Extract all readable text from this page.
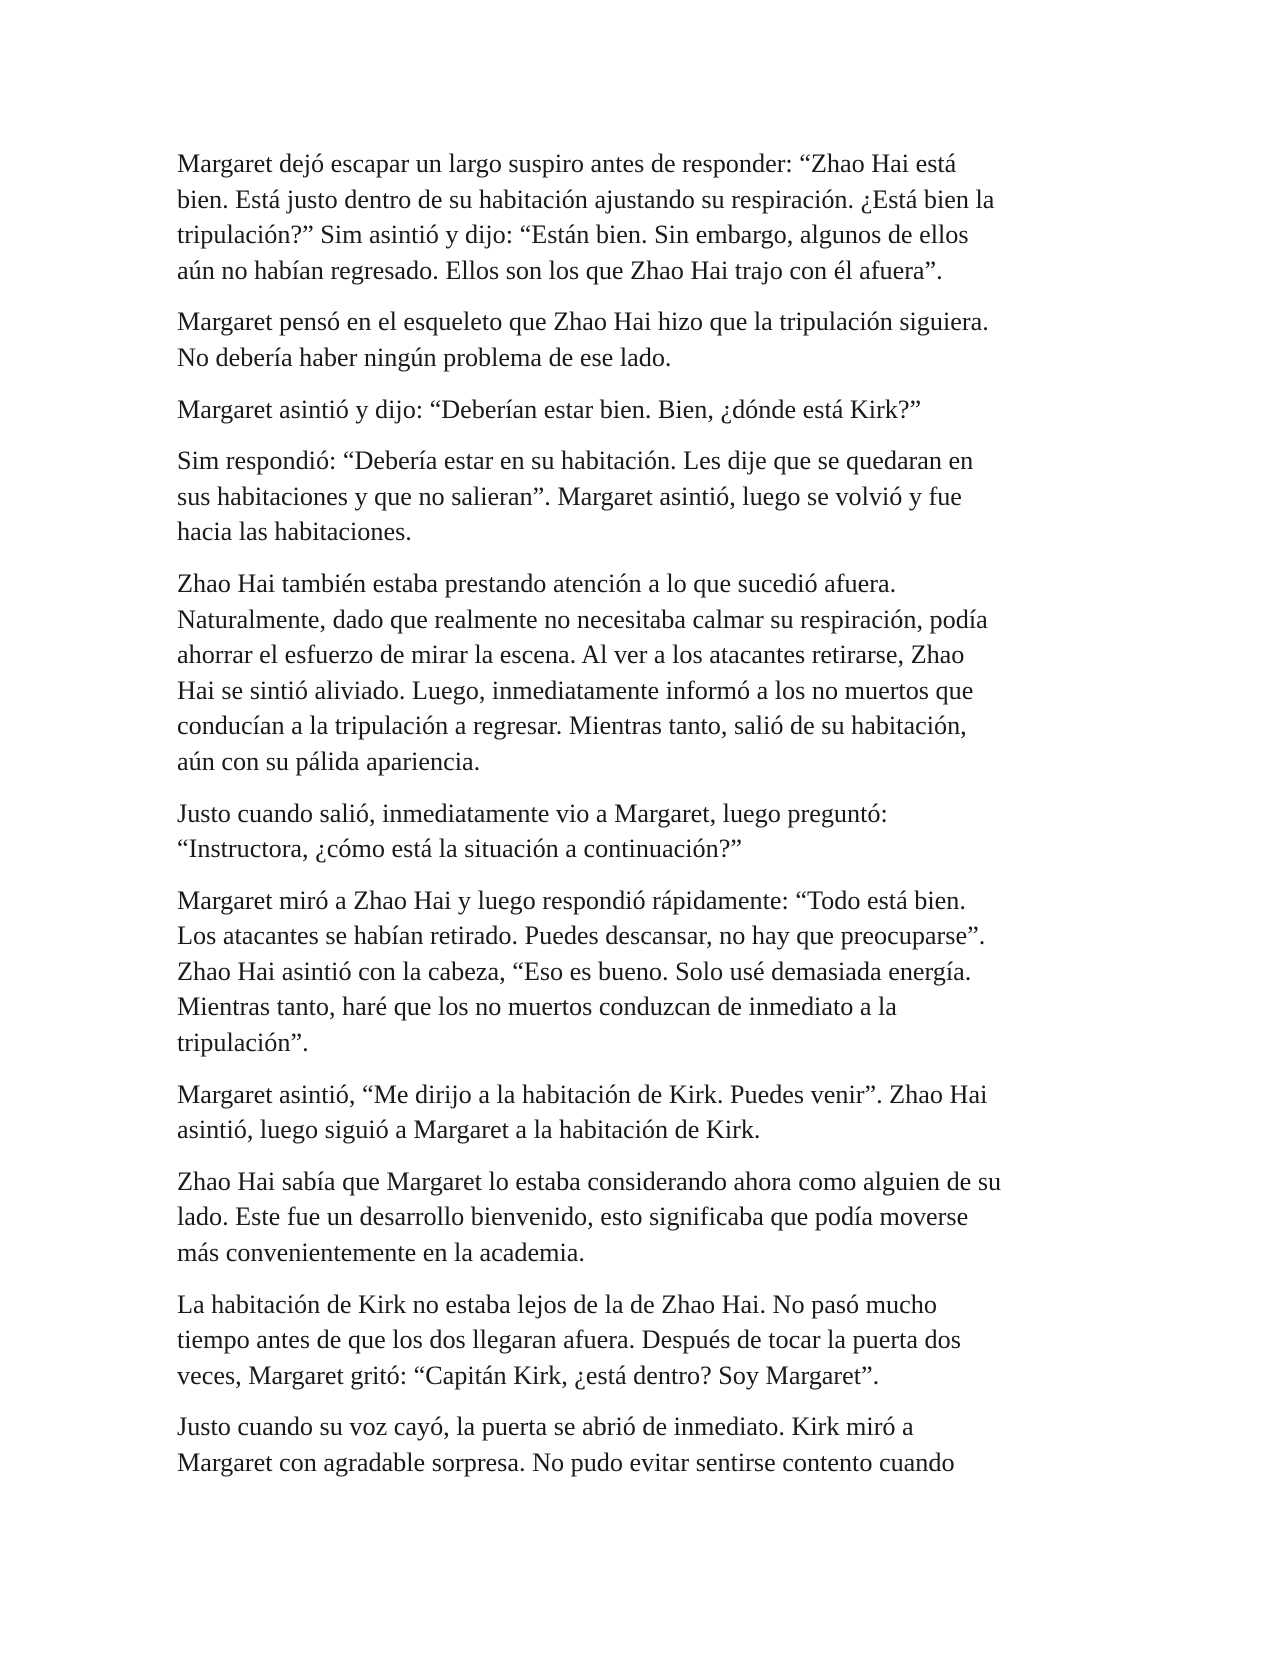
Margaret dejó escapar un largo suspiro antes de responder: “Zhao Hai está
bien. Está justo dentro de su habitación ajustando su respiración. ¿Está bien la
tripulación?” Sim asintió y dijo: “Están bien. Sin embargo, algunos de ellos
aún no habían regresado. Ellos son los que Zhao Hai trajo con él afuera”.

Margaret pensó en el esqueleto que Zhao Hai hizo que la tripulación siguiera.
No debería haber ningún problema de ese lado.

Margaret asintió y dijo: “Deberían estar bien. Bien, ¿dónde está Kirk?”

Sim respondió: “Debería estar en su habitación. Les dije que se quedaran en
sus habitaciones y que no salieran”. Margaret asintió, luego se volvió y fue
hacia las habitaciones.

Zhao Hai también estaba prestando atención a lo que sucedió afuera.
Naturalmente, dado que realmente no necesitaba calmar su respiración, podía
ahorrar el esfuerzo de mirar la escena. Al ver a los atacantes retirarse, Zhao
Hai se sintió aliviado. Luego, inmediatamente informó a los no muertos que
conducían a la tripulación a regresar. Mientras tanto, salió de su habitación,
aún con su pálida apariencia.

Justo cuando salió, inmediatamente vio a Margaret, luego preguntó:
“Instructora, ¿cómo está la situación a continuación?”

Margaret miró a Zhao Hai y luego respondió rápidamente: “Todo está bien.
Los atacantes se habían retirado. Puedes descansar, no hay que preocuparse”.
Zhao Hai asintió con la cabeza, “Eso es bueno. Solo usé demasiada energía.
Mientras tanto, haré que los no muertos conduzcan de inmediato a la
tripulación”.

Margaret asintió, “Me dirijo a la habitación de Kirk. Puedes venir”. Zhao Hai
asintió, luego siguió a Margaret a la habitación de Kirk.

Zhao Hai sabía que Margaret lo estaba considerando ahora como alguien de su
lado. Este fue un desarrollo bienvenido, esto significaba que podía moverse
más convenientemente en la academia.

La habitación de Kirk no estaba lejos de la de Zhao Hai. No pasó mucho
tiempo antes de que los dos llegaran afuera. Después de tocar la puerta dos
veces, Margaret gritó: “Capitán Kirk, ¿está dentro? Soy Margaret”.

Justo cuando su voz cayó, la puerta se abrió de inmediato. Kirk miró a
Margaret con agradable sorpresa. No pudo evitar sentirse contento cuando
